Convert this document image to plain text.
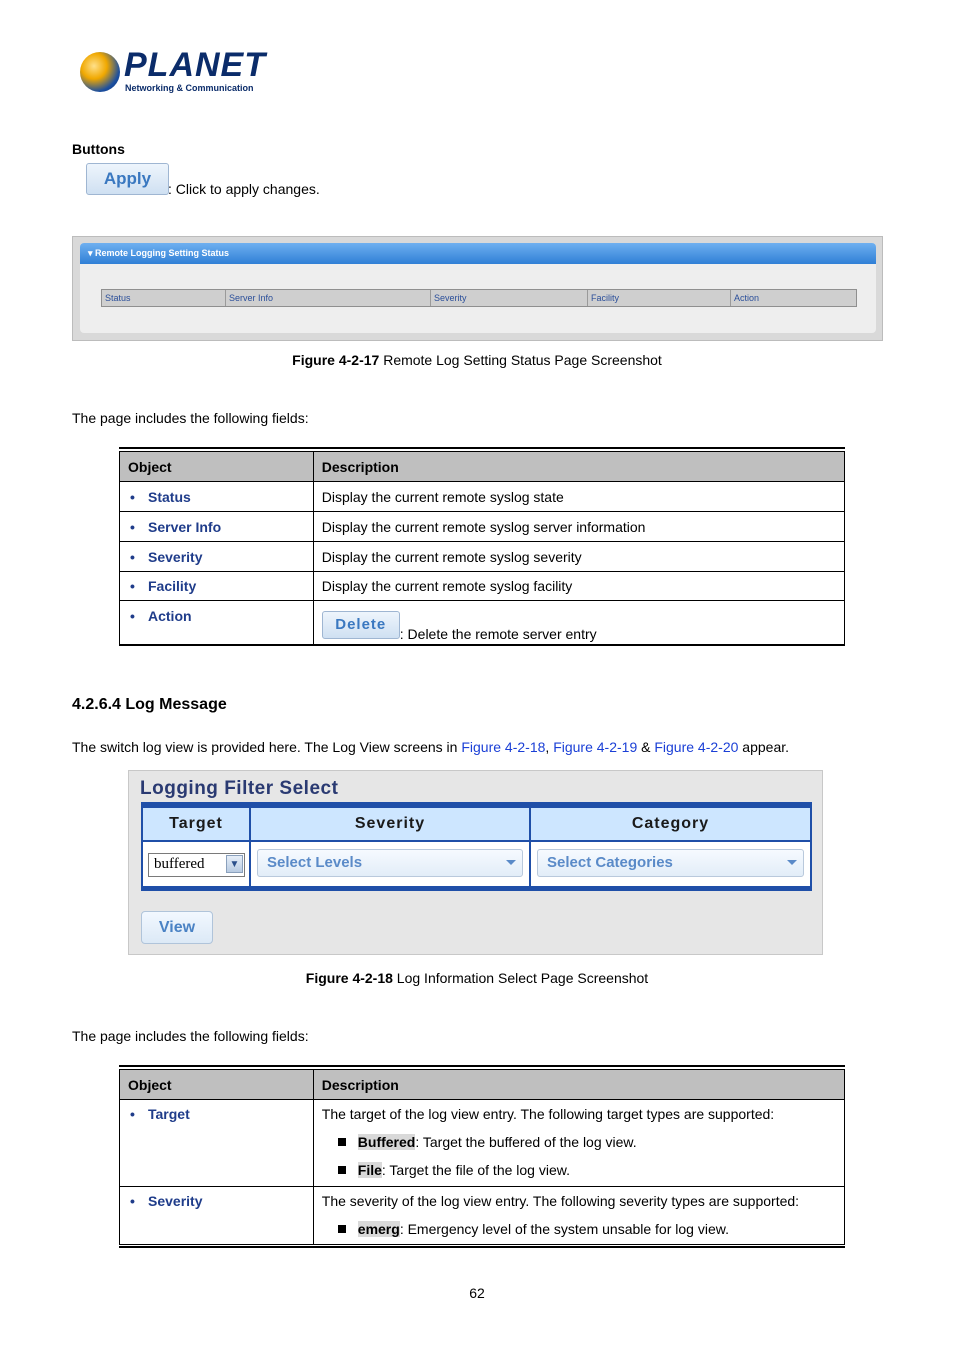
PLANET
Networking & Communication
Buttons
Apply
: Click to apply changes.
▾ Remote Logging Setting Status
Status	Server Info	Severity	Facility	Action
Figure 4-2-17 Remote Log Setting Status Page Screenshot
The page includes the following fields:
Object	Description
• Status	Display the current remote syslog state
• Server Info	Display the current remote syslog server information
• Severity	Display the current remote syslog severity
• Facility	Display the current remote syslog facility
• Action	Delete: Delete the remote server entry
4.2.6.4 Log Message
The switch log view is provided here. The Log View screens in Figure 4-2-18, Figure 4-2-19 & Figure 4-2-20 appear.
Logging Filter Select
Target	Severity	Category
buffered	▼	Select Levels	Select Categories
View
Figure 4-2-18 Log Information Select Page Screenshot
The page includes the following fields:
Object	Description
• Target	The target of the log view entry. The following target types are supported:
Buffered: Target the buffered of the log view.
File: Target the file of the log view.

• Severity	The severity of the log view entry. The following severity types are supported:
emerg: Emergency level of the system unsable for log view.
62
